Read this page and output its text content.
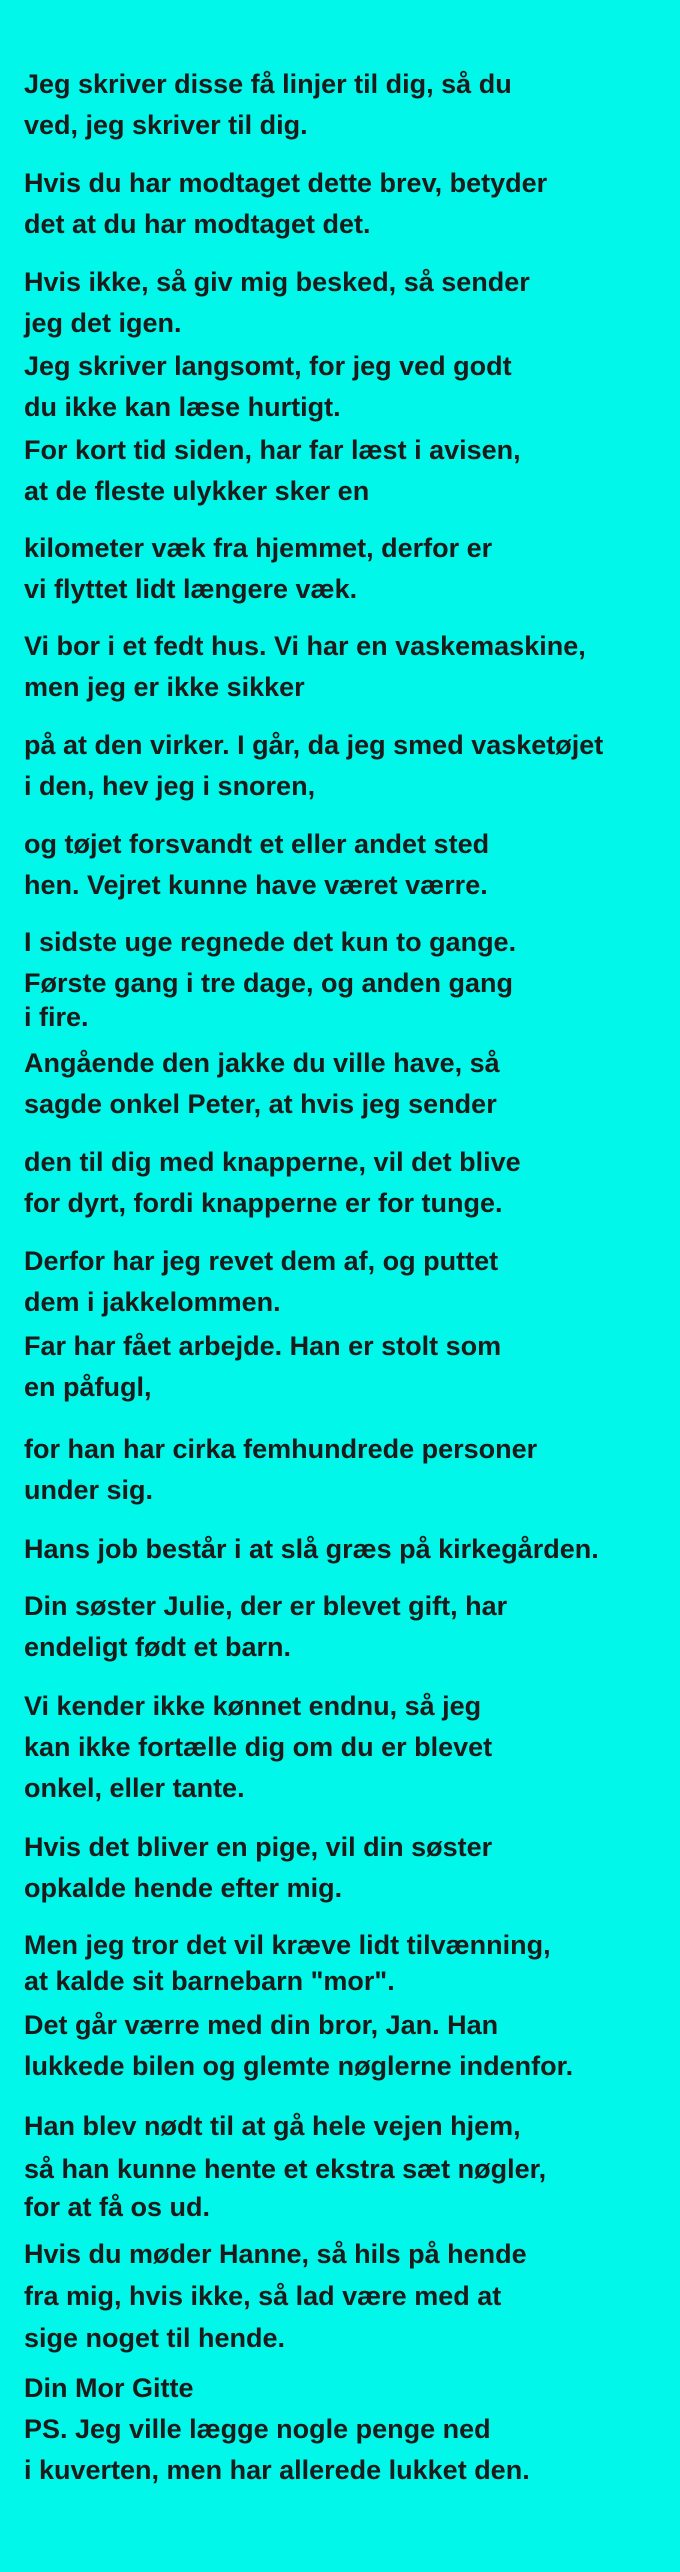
Jeg skriver disse få linjer til dig, så du
ved, jeg skriver til dig.
Hvis du har modtaget dette brev, betyder
det at du har modtaget det.
Hvis ikke, så giv mig besked, så sender
jeg det igen.
Jeg skriver langsomt, for jeg ved godt
du ikke kan læse hurtigt.
For kort tid siden, har far læst i avisen,
at de fleste ulykker sker en
kilometer væk fra hjemmet, derfor er
vi flyttet lidt længere væk.
Vi bor i et fedt hus. Vi har en vaskemaskine,
men jeg er ikke sikker
på at den virker. I går, da jeg smed vasketøjet
i den, hev jeg i snoren,
og tøjet forsvandt et eller andet sted
hen. Vejret kunne have været værre.
I sidste uge regnede det kun to gange.
Første gang i tre dage, og anden gang
i fire.
Angående den jakke du ville have, så
sagde onkel Peter, at hvis jeg sender
den til dig med knapperne, vil det blive
for dyrt, fordi knapperne er for tunge.
Derfor har jeg revet dem af, og puttet
dem i jakkelommen.
Far har fået arbejde. Han er stolt som
en påfugl,
for han har cirka femhundrede personer
under sig.
Hans job består i at slå græs på kirkegården.
Din søster Julie, der er blevet gift, har
endeligt født et barn.
Vi kender ikke kønnet endnu, så jeg
kan ikke fortælle dig om du er blevet
onkel, eller tante.
Hvis det bliver en pige, vil din søster
opkalde hende efter mig.
Men jeg tror det vil kræve lidt tilvænning,
at kalde sit barnebarn "mor".
Det går værre med din bror, Jan. Han
lukkede bilen og glemte nøglerne indenfor.
Han blev nødt til at gå hele vejen hjem,
så han kunne hente et ekstra sæt nøgler,
for at få os ud.
Hvis du møder Hanne, så hils på hende
fra mig, hvis ikke, så lad være med at
sige noget til hende.
Din Mor Gitte
PS. Jeg ville lægge nogle penge ned
i kuverten, men har allerede lukket den.
